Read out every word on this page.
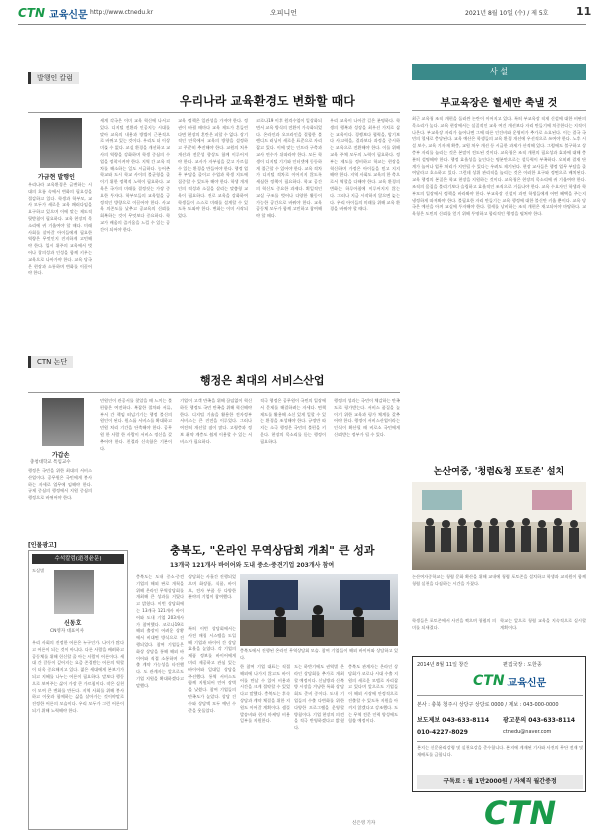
CTN 교육신문 http://www.ctnedu.kr	오피니언	2021년 8월 10일 (수) / 제 5호	11
발행인 칼럼
우리나라 교육환경도 변화할 때다
가금현 발행인

우리나라 교육환경은 급변하는 시대의 흐름 속에서 변화의 필요성을 절감하고 있다. 학생과 학부모, 교사 모두가 새로운 교육 패러다임을 요구하고 있으며 이에 맞는 제도적 뒷받침이 필요하다. 교육 현장의 목소리에 귀 기울여야 할 때다. 미래 사회를 살아갈 아이들에게 필요한 역량은 무엇인지 진지하게 고민해야 한다. 입시 위주의 교육에서 벗어나 창의성과 인성을 함께 키우는 교육으로 나아가야 한다. 교육 당국은 현장과 소통하며 변화를 이끌어야 한다.

세계 각국은 이미 교육 혁신에 나서고 있다. 디지털 전환과 인공지능 시대를 맞아 교육의 내용과 방법이 근본적으로 바뀌고 있는 것이다. 우리도 더 이상 미룰 수 없다. 교실 환경을 개선하고 교사의 역량을 강화하며 학생 중심의 수업을 정착시켜야 한다. 지역 간 교육 격차를 해소하는 일도 시급하다. 농어촌 학교와 도시 학교 사이의 불균형을 줄이기 위한 정책적 노력이 필요하다. 교육은 국가의 미래를 결정짓는 가장 중요한 투자다. 학부모들의 교육열을 긍정적인 방향으로 이끌어야 한다. 사교육 의존도를 낮추고 공교육의 신뢰를 회복하는 것이 무엇보다 중요하다. 학교가 배움의 즐거움을 느낄 수 있는 공간이 되어야 한다.

교육 정책은 일관성을 가져야 한다. 정권이 바뀔 때마다 교육 제도가 흔들린다면 현장의 혼란은 피할 수 없다. 장기적인 안목에서 교육의 방향을 설정하고 꾸준히 추진해야 한다. 교원의 처우 개선과 전문성 향상도 함께 이루어져야 한다. 교사가 자부심을 갖고 가르칠 수 있는 환경을 만들어야 한다. 행정 업무 부담을 줄이고 수업과 학생 지도에 집중할 수 있도록 해야 한다. 학생 개개인의 적성과 소질을 살리는 맞춤형 교육이 필요하다. 진로 교육을 강화하여 학생들이 스스로 미래를 설계할 수 있도록 도와야 한다. 변화는 이미 시작되었다.

코로나19 이후 원격수업이 일상화되면서 교육 방식의 전환이 가속화되었다. 온라인과 오프라인을 결합한 블렌디드 러닝이 새로운 표준으로 자리잡고 있다. 이에 맞는 인프라 구축과 교사 연수가 뒤따라야 한다. 모든 학생이 디지털 기기와 인터넷에 동등하게 접근할 수 있어야 한다. 교육 격차가 디지털 격차로 이어지지 않도록 세심한 정책이 필요하다. 학교 공간의 혁신도 중요한 과제다. 획일적인 교실 구조를 벗어나 다양한 활동이 가능한 공간으로 바꿔야 한다. 교육 공동체 모두가 함께 고민하고 참여해야 할 때다.

우리 교육이 나아갈 길은 분명하다. 학생의 행복과 성장을 최우선 가치로 삼는 교육이다. 경쟁보다 협력을, 암기보다 사고력을, 결과보다 과정을 중시하는 교육으로 전환해야 한다. 이를 위해 교육 주체 모두의 노력이 필요하다. 정부는 제도를 정비하고 학교는 현장을 혁신하며 가정은 아이들을 믿고 지지해야 한다. 지역 사회도 교육의 한 축으로서 역할을 다해야 한다. 교육 환경의 변화는 하루아침에 이루어지지 않는다. 그러나 지금 시작하지 않으면 늦는다. 우리 아이들의 미래를 위해 교육 환경을 바꿔야 할 때다.

사 설
부교육장은 혈세만 축낼 것

최근 교육청 조직 개편을 둘러싼 논란이 이어지고 있다. 특히 부교육장 직제 신설에 대한 비판의 목소리가 높다. 교육 현장에서는 실질적인 교육 여건 개선보다 자리 만들기에 치중한다는 지적이 나온다. 부교육장 자리가 늘어나면 그에 따른 인건비와 운영비가 추가로 소요된다. 이는 결국 국민의 혈세로 충당된다. 교육 예산은 학생들의 교육 환경 개선에 우선적으로 쓰여야 한다. 노후 시설 보수, 교육 기자재 확충, 교원 처우 개선 등 시급한 과제가 산적해 있다. 그럼에도 불구하고 상층부 자리를 늘리는 것은 본말이 전도된 것이다. 교육청은 조직 개편의 필요성과 효과에 대해 충분히 설명해야 한다. 행정 효율성을 높인다는 명분만으로는 설득력이 부족하다. 오히려 결재 단계가 늘어나 업무 처리가 지연될 수 있다는 우려도 제기된다. 현장 교사들은 행정 업무 부담을 줄여달라고 호소하고 있다. 그런데 상위 관리직을 늘리는 것은 이러한 요구와 정면으로 배치된다. 교육 행정의 본질은 학교 현장을 지원하는 것이다. 교육청은 현장의 목소리에 귀 기울여야 한다. 조직의 몸집을 불리기보다 슬림하고 효율적인 조직으로 거듭나야 한다. 교육 수요자인 학생과 학부모의 입장에서 정책을 바라봐야 한다. 부교육장 신설이 과연 학생들에게 어떤 혜택을 주는지 냉정하게 따져봐야 한다. 불필요한 자리 만들기는 교육 행정에 대한 불신만 키울 뿐이다. 교육 당국은 예산을 아껴 교실에 투자해야 한다. 혈세를 낭비하는 조직 개편은 재고되어야 마땅하다. 교육청은 도민의 신뢰를 얻기 위해 투명하고 합리적인 행정을 펼쳐야 한다.

논산여중, '청렴&청 포토존' 설치

논산여자중학교는 청렴 문화 확산을 위해 교내에 청렴 포토존을 설치하고 학생과 교직원이 함께 청렴 실천을 다짐하는 시간을 가졌다.

CTN 논단
행정은 최대의 서비스산업
가갑손
충청대학교 특임교수

행정은 국민을 위한 최대의 서비스산업이다. 공무원은 국민에게 봉사하는 자세로 업무에 임해야 한다. 규제 중심의 행정에서 지원 중심의 행정으로 바뀌어야 한다.

민원인이 관공서를 찾았을 때 느끼는 불편함은 여전하다. 복잡한 절차와 서류, 부서 간 책임 떠넘기기는 행정 불신의 원인이 된다. 원스톱 서비스를 확대하고 민원 처리 기간을 단축해야 한다. 공무원 한 사람 한 사람이 서비스 정신을 갖추어야 한다. 친절과 신속함은 기본이다.

기업이 고객 만족을 위해 끊임없이 혁신하듯 행정도 국민 만족을 위해 혁신해야 한다. 디지털 기술을 활용한 전자정부 서비스는 큰 진전을 이루었다. 그러나 여전히 개선할 점이 많다. 고령층과 정보 취약 계층도 쉽게 이용할 수 있는 서비스가 필요하다.

적극 행정은 공무원이 국민의 입장에서 문제를 해결하려는 자세다. 면책 제도를 활용해 소신 있게 일할 수 있는 환경을 조성해야 한다. 규정만 따지는 소극 행정은 국민의 불편을 키운다. 현장의 목소리를 듣는 행정이 필요하다.

행정의 성과는 국민이 체감하는 만족도로 평가받는다. 서비스 품질을 높이기 위한 교육과 평가 체계를 갖추어야 한다. 행정이 서비스산업이라는 인식이 확산될 때 비로소 국민에게 신뢰받는 정부가 될 수 있다.

[인물광고]
수석칼럼(道경윤문)

도실별

신동호
CN영자 대표이사

우리 사회의 진정한 어른은 누구인가. 나이가 많다고 어른이 되는 것이 아니다. 다른 사람을 배려하고 공동체를 위해 헌신할 줄 아는 사람이 어른이다. 세대 간 갈등이 깊어지는 요즘 존경받는 어른의 역할이 더욱 중요해지고 있다. 젊은 세대에게 본보기가 되고 지혜를 나누는 어른이 필요하다. 말보다 행동으로 보여주는 삶이 가장 큰 가르침이다. 작은 실천이 모여 큰 변화를 만든다. 지역 사회를 위해 봉사하고 이웃과 함께하는 삶을 살아가는 것이야말로 진정한 어른의 모습이다. 우리 모두가 그런 어른이 되기 위해 노력해야 한다.

충북도, "온라인 무역상담회 개최" 큰 성과
13개국 121개사 바이어와 도내 중소·중견기업 203개사 참여

충북도는 도내 중소·중견기업의 해외 판로 개척을 위해 온라인 무역상담회를 개최해 큰 성과를 거뒀다고 밝혔다. 이번 상담회에는 13개국 121개사 바이어와 도내 기업 203개사가 참여했다. 코로나19로 해외 출장이 어려운 상황에서 비대면 방식으로 진행되었다. 참여 기업들은 화상 상담을 통해 해외 바이어와 직접 소통하며 수출 계약 가능성을 타진했다. 도 관계자는 앞으로도 기업 지원을 확대하겠다고 말했다.

상담회는 사흘간 진행되었으며 화장품, 식품, 바이오, 전자 부품 등 다양한 분야의 기업이 참여했다.

충북도에서 진행된 온라인 무역상담회 모습. 참여 기업들이 해외 바이어와 상담하고 있다.

특히 이번 상담회에서는 사전 매칭 시스템을 도입해 기업과 바이어 간 상담 효율을 높였다. 각 기업의 제품 정보를 바이어에게 미리 제공하고 관심 있는 바이어와 일대일 상담을 주선했다. 통역 서비스도 함께 지원되어 언어 장벽을 낮췄다. 참여 기업들의 만족도가 높았다. 상담 건수와 상담액 모두 예년 수준을 웃돌았다.

한 참여 기업 대표는 직접 해외에 나가지 않고도 바이어를 만날 수 있어 비용과 시간을 크게 절약할 수 있었다고 말했다. 충북도는 후속 상담과 계약 체결을 위한 지원도 이어갈 계획이다. 샘플 발송비와 현지 마케팅 비용 일부를 지원한다.

도는 하반기에도 권역별 온라인 상담회를 추가로 개최할 예정이다. 신남방과 신북방 시장을 겨냥한 특화 상담회도 준비 중이다. 도내 기업들의 수출 다변화를 위한 다양한 프로그램을 운영할 방침이다. 기업 현장의 의견을 적극 반영하겠다고 밝혔다.

충북도 관계자는 온라인 상담회가 코로나 시대 수출 지원의 새로운 모델로 자리잡고 있다며 앞으로도 기업들이 해외 시장에 안정적으로 진출할 수 있도록 지원을 아끼지 않겠다고 강조했다. 도는 무역 전문 인력 양성에도 힘쓸 예정이다.

신은영 기자

학생들은 포토존에서 사진을 찍으며 청렴의 의미를 되새겼다.

학교는 앞으로 청렴 교육을 지속적으로 실시할 계획이다.

2014년 8월 11일 창간	편집국장 : 도한종
CTN 교육신문
본사 : 충북 청주시 상당구 상당로 0000 / 제보 : 043-000-0000
보도제보 043-633-8114 광고문의 043-633-8114
010-4227-8029	ctnedu@naver.com

본지는 신문윤리강령 및 실천요강을 준수합니다. 본지에 게재된 기사와 사진의 무단 전재 및 재배포를 금합니다.

구독료 : 월 1만2000원 / 자체직 월간증정
CTN
